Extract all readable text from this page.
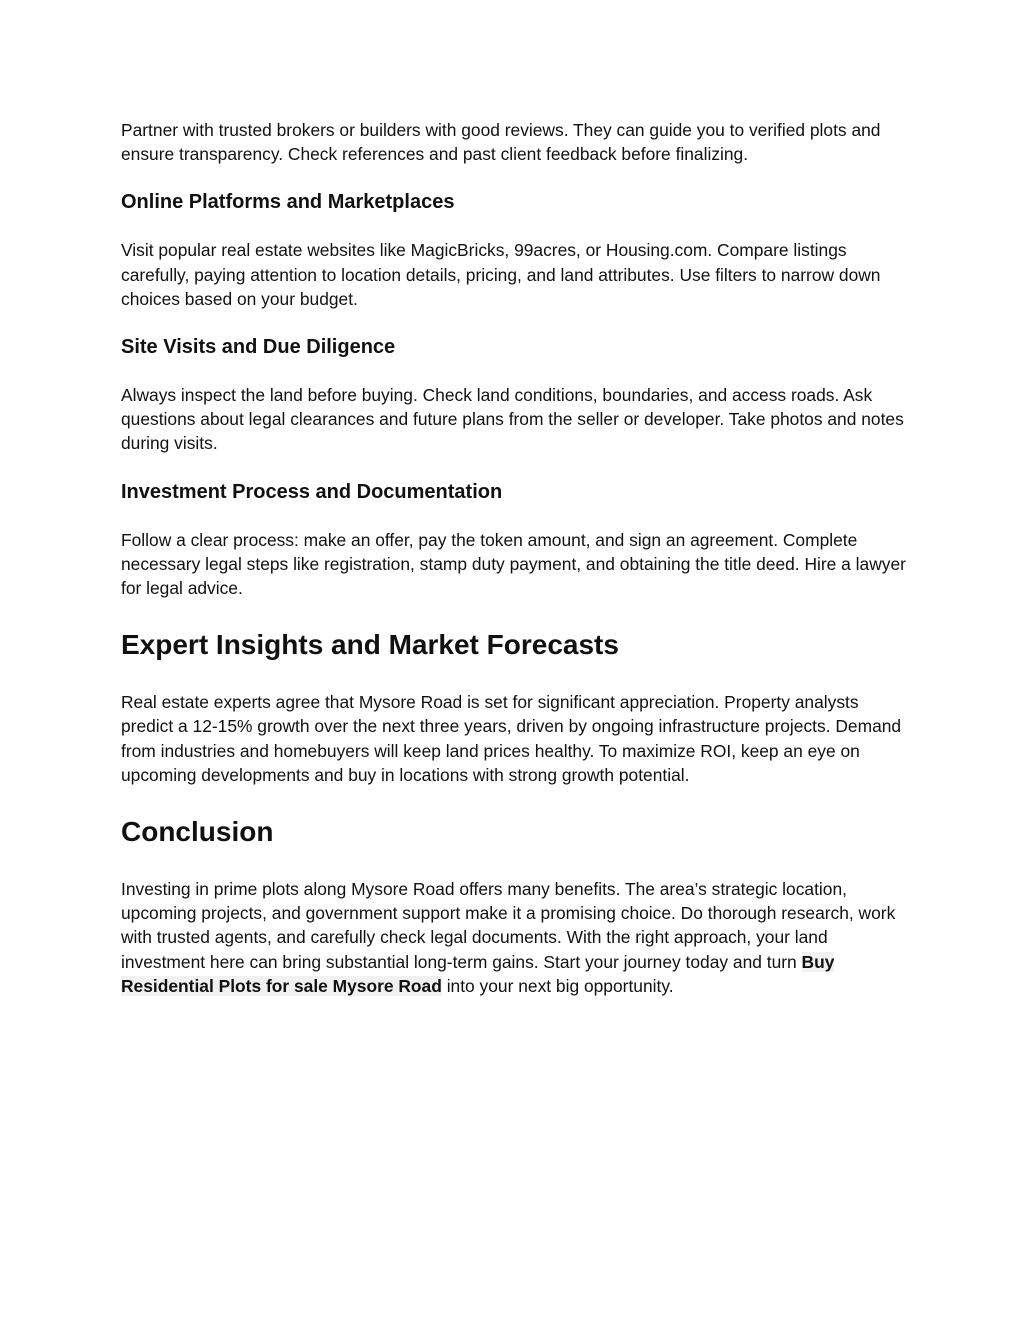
Partner with trusted brokers or builders with good reviews. They can guide you to verified plots and ensure transparency. Check references and past client feedback before finalizing.

Online Platforms and Marketplaces

Visit popular real estate websites like MagicBricks, 99acres, or Housing.com. Compare listings carefully, paying attention to location details, pricing, and land attributes. Use filters to narrow down choices based on your budget.

Site Visits and Due Diligence

Always inspect the land before buying. Check land conditions, boundaries, and access roads. Ask questions about legal clearances and future plans from the seller or developer. Take photos and notes during visits.

Investment Process and Documentation

Follow a clear process: make an offer, pay the token amount, and sign an agreement. Complete necessary legal steps like registration, stamp duty payment, and obtaining the title deed. Hire a lawyer for legal advice.

Expert Insights and Market Forecasts

Real estate experts agree that Mysore Road is set for significant appreciation. Property analysts predict a 12-15% growth over the next three years, driven by ongoing infrastructure projects. Demand from industries and homebuyers will keep land prices healthy. To maximize ROI, keep an eye on upcoming developments and buy in locations with strong growth potential.

Conclusion

Investing in prime plots along Mysore Road offers many benefits. The area’s strategic location, upcoming projects, and government support make it a promising choice. Do thorough research, work with trusted agents, and carefully check legal documents. With the right approach, your land investment here can bring substantial long-term gains. Start your journey today and turn Buy Residential Plots for sale Mysore Road into your next big opportunity.
